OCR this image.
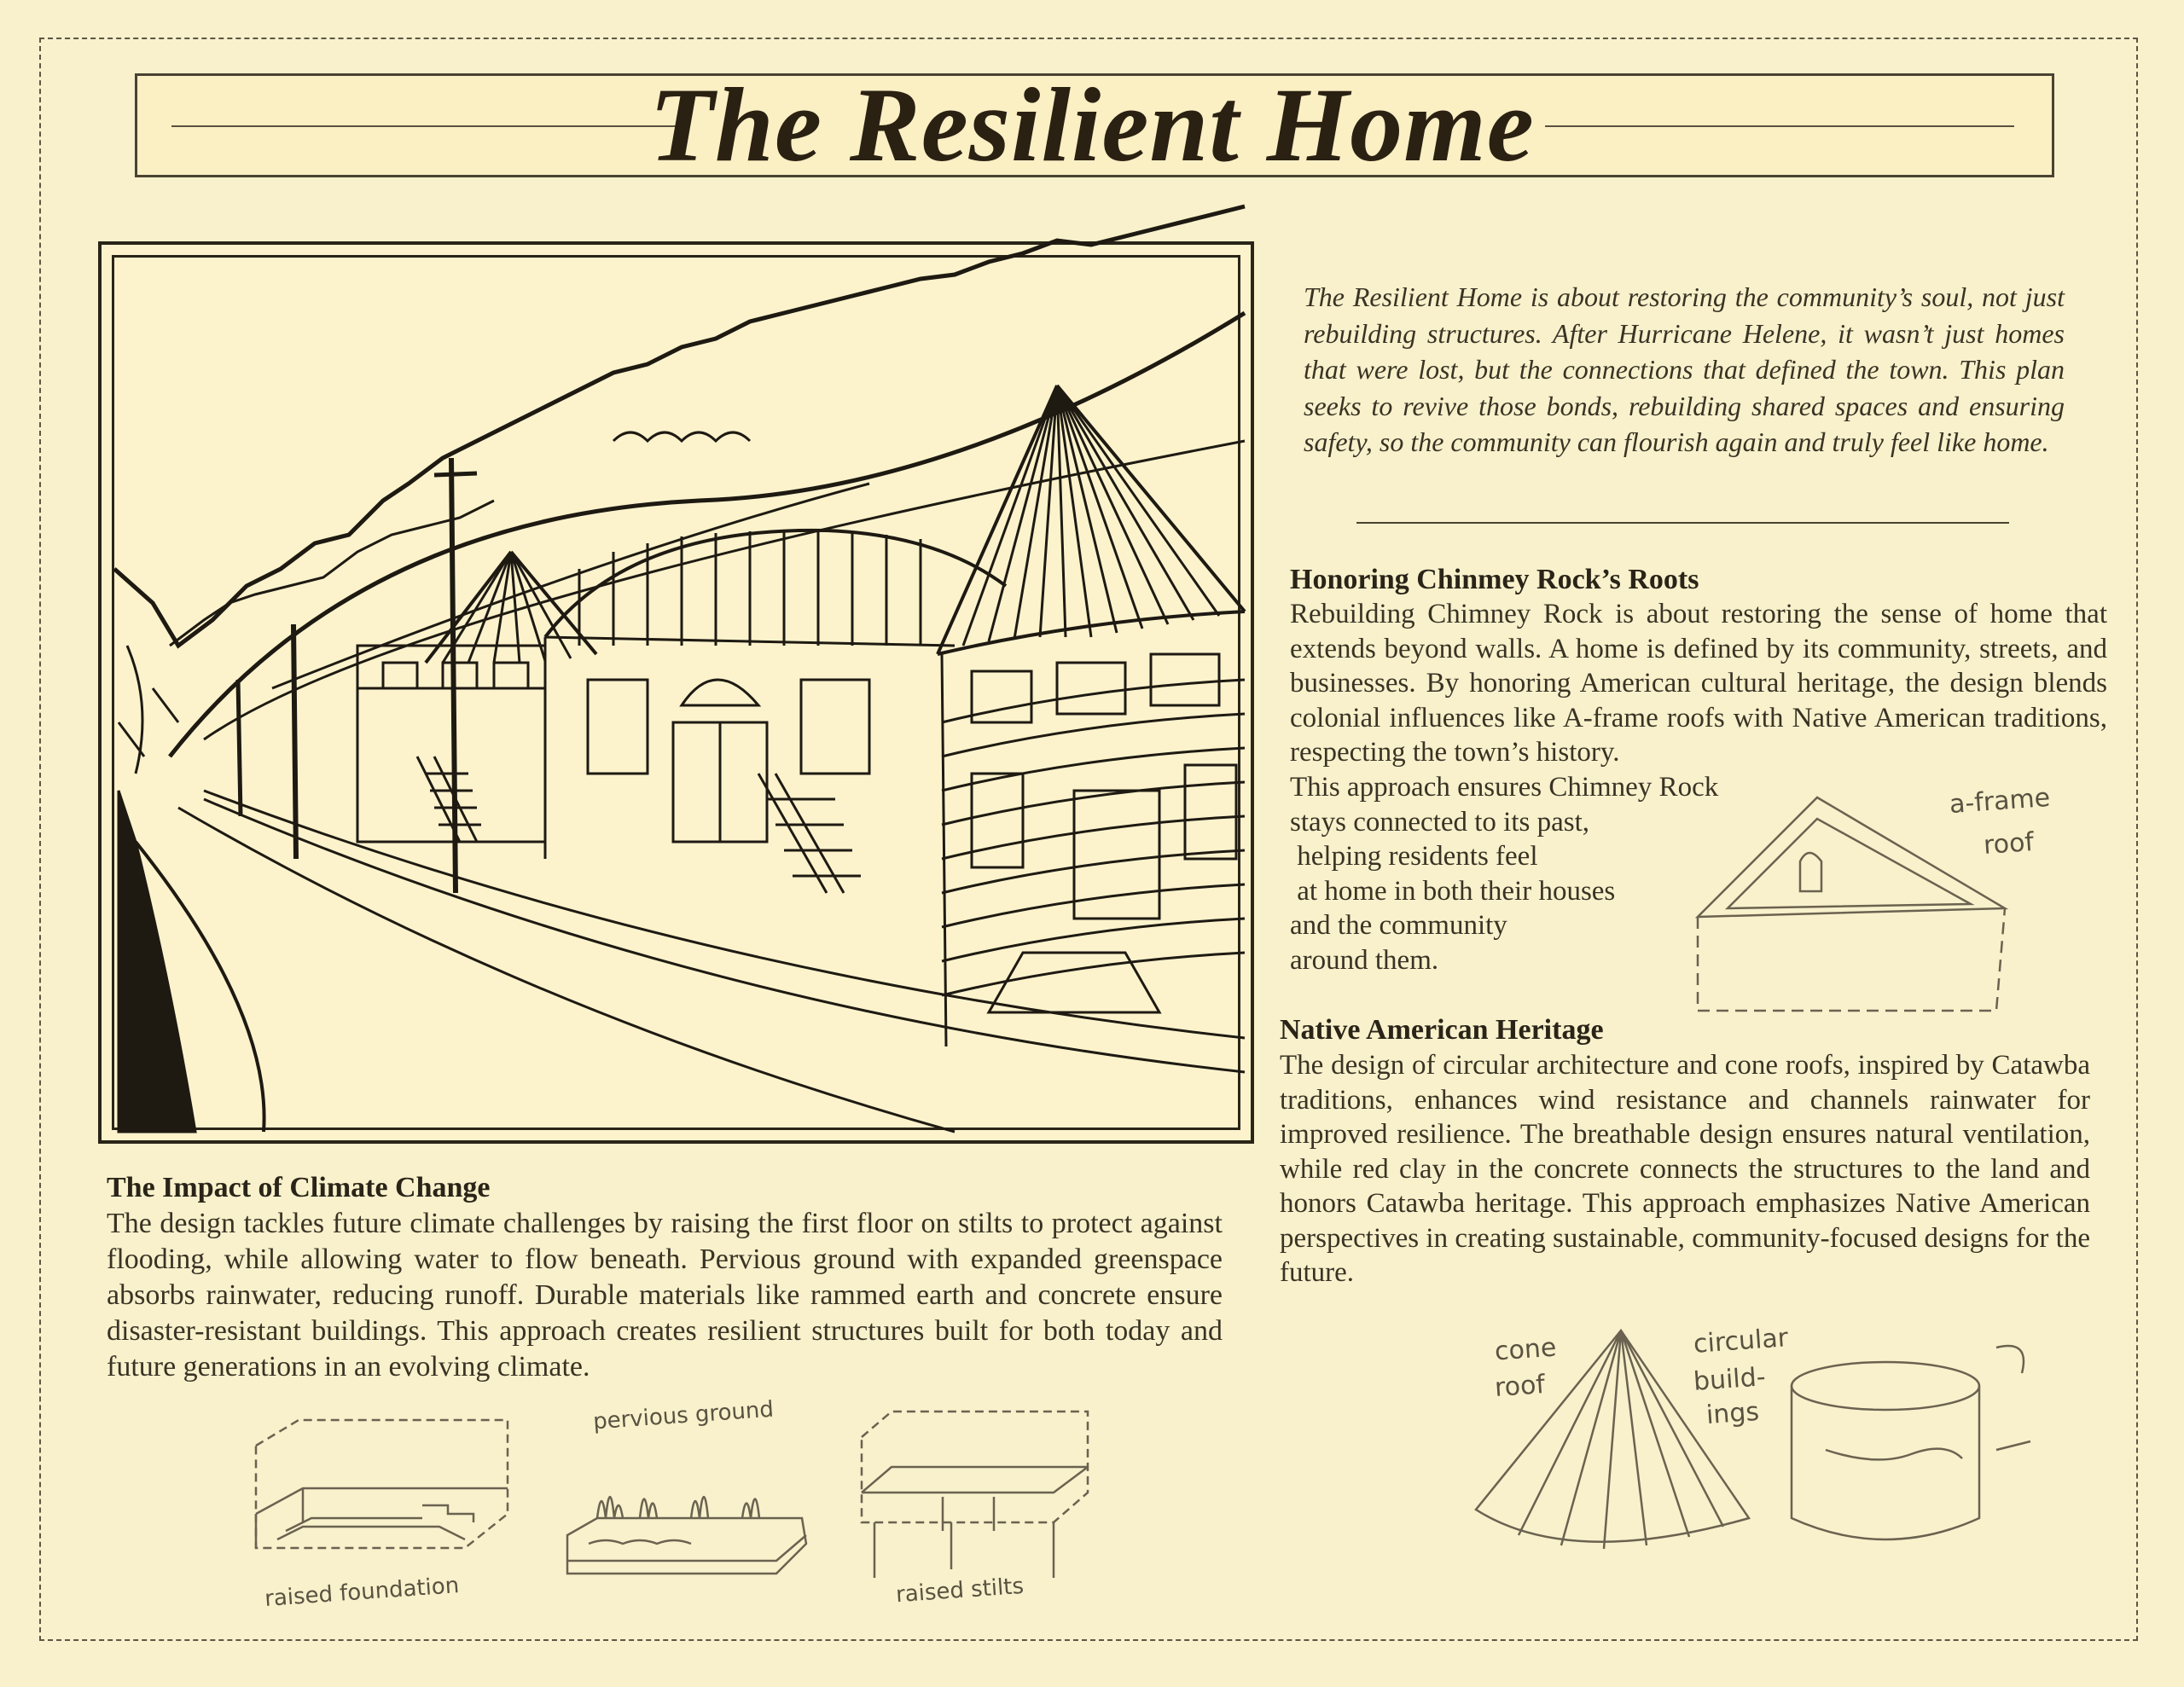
The Resilient Home
The Resilient Home is about restoring the community’s soul, not just rebuilding structures. After Hurricane Helene, it wasn’t just homes that were lost, but the connections that defined the town. This plan seeks to revive those bonds, rebuilding shared spaces and ensuring safety, so the community can flourish again and truly feel like home.
Honoring Chinmey Rock’s Roots
Rebuilding Chimney Rock is about restoring the sense of home that extends beyond walls. A home is defined by its community, streets, and businesses. By honoring American cultural heritage, the design blends colonial influences like A-frame roofs with Native American traditions, respecting the town’s history.
This approach ensures Chimney Rock
stays connected to its past,
helping residents feel
at home in both their houses
and the community
around them.
a-frame
roof
Native American Heritage
The design of circular architecture and cone roofs, inspired by Catawba traditions, enhances wind resistance and channels rainwater for improved resilience. The breathable design ensures natural ventilation, while red clay in the concrete connects the structures to the land and honors Catawba heritage. This approach emphasizes Native American perspectives in creating sustainable, community-focused designs for the future.
cone
roof
circular
build-
ings
The Impact of Climate Change
The design tackles future climate challenges by raising the first floor on stilts to protect against flooding, while allowing water to flow beneath. Pervious ground with expanded greenspace absorbs rainwater, reducing runoff. Durable materials like rammed earth and concrete ensure disaster-resistant buildings. This approach creates resilient structures built for both today and future generations in an evolving climate.
raised foundation
pervious ground
raised stilts
